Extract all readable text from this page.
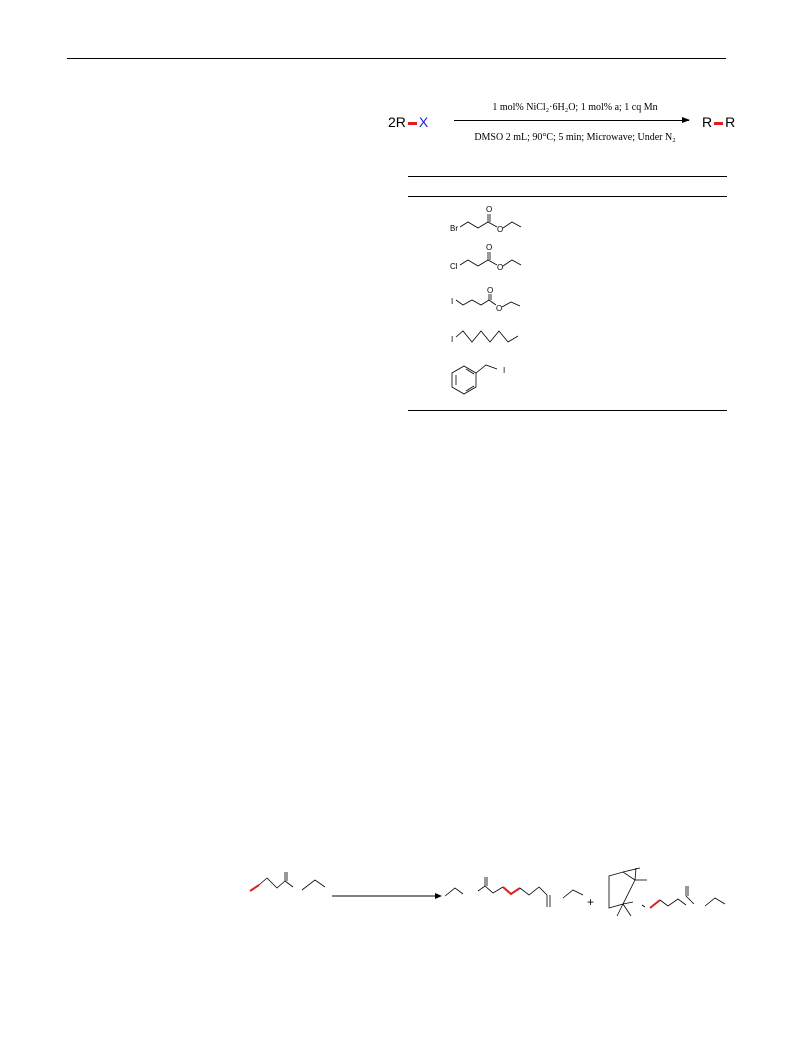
2R X
1 mol% NiCl₂·6H₂O; 1 mol% a; 1 cq Mn
DMSO 2 mL; 90°C; 5 min; Microwave; Under N₂
R R
Br
O
O
Cl
O
O
I
O
O
I
I
+
